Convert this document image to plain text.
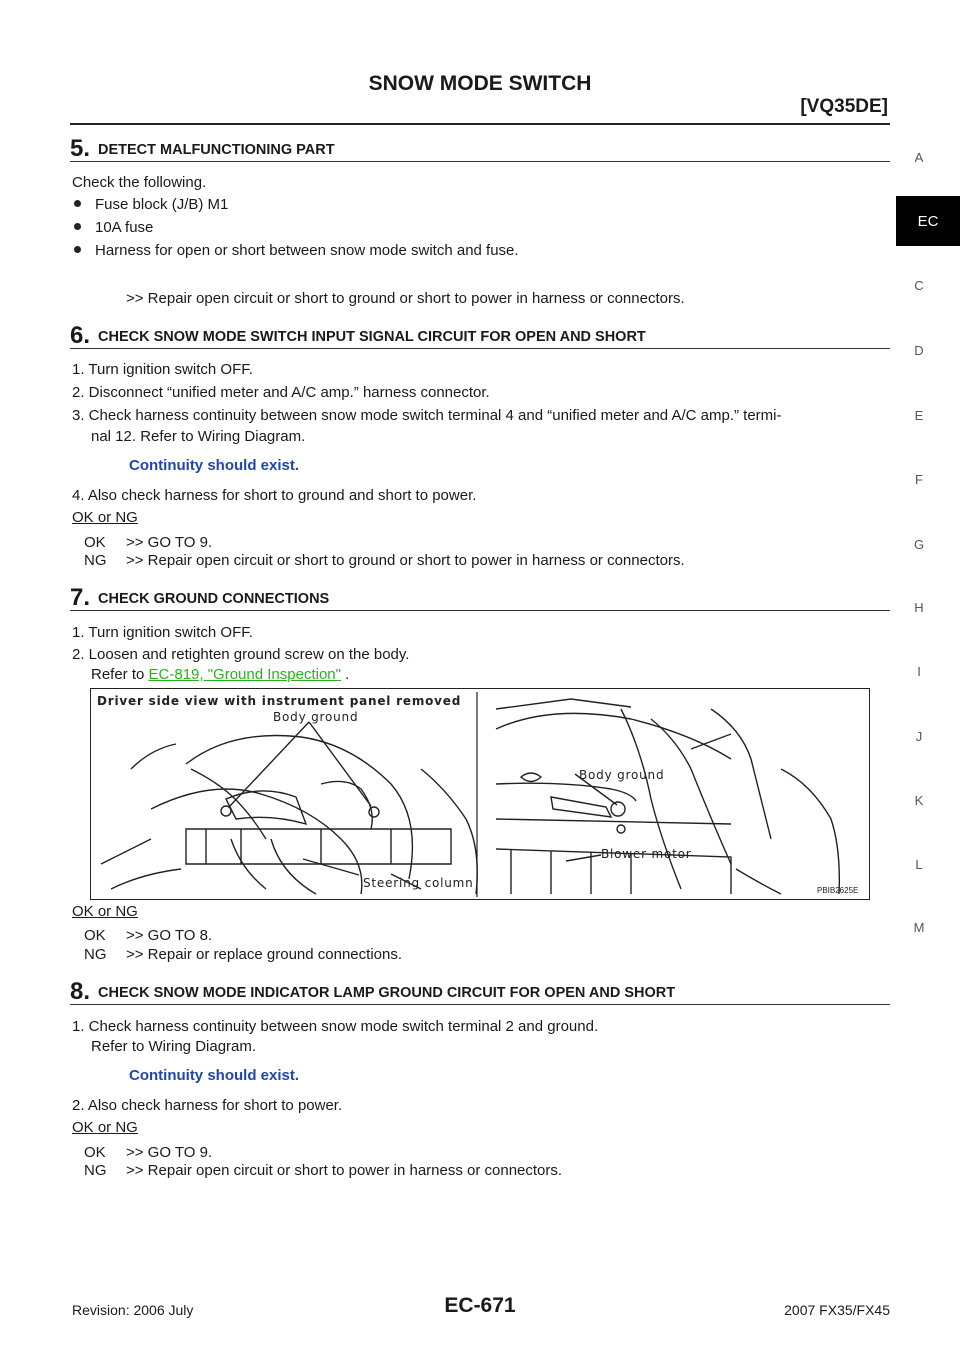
SNOW MODE SWITCH
[VQ35DE]
A
EC
C
D
E
F
G
H
I
J
K
L
M
5. DETECT MALFUNCTIONING PART
Check the following.
Fuse block (J/B) M1
10A fuse
Harness for open or short between snow mode switch and fuse.
>> Repair open circuit or short to ground or short to power in harness or connectors.
6. CHECK SNOW MODE SWITCH INPUT SIGNAL CIRCUIT FOR OPEN AND SHORT
1. Turn ignition switch OFF.
2. Disconnect “unified meter and A/C amp.” harness connector.
3. Check harness continuity between snow mode switch terminal 4 and “unified meter and A/C amp.” termi-
nal 12. Refer to Wiring Diagram.
Continuity should exist.
4. Also check harness for short to ground and short to power.
OK or NG
OK >> GO TO 9.
NG >> Repair open circuit or short to ground or short to power in harness or connectors.
7. CHECK GROUND CONNECTIONS
1. Turn ignition switch OFF.
2. Loosen and retighten ground screw on the body.
Refer to EC-819, "Ground Inspection" .
Driver side view with instrument panel removed
Body ground
Steering column
Body ground
Blower motor
PBIB2625E
OK or NG
OK >> GO TO 8.
NG >> Repair or replace ground connections.
8. CHECK SNOW MODE INDICATOR LAMP GROUND CIRCUIT FOR OPEN AND SHORT
1. Check harness continuity between snow mode switch terminal 2 and ground.
Refer to Wiring Diagram.
Continuity should exist.
2. Also check harness for short to power.
OK or NG
OK >> GO TO 9.
NG >> Repair open circuit or short to power in harness or connectors.
Revision: 2006 July	EC-671	2007 FX35/FX45
